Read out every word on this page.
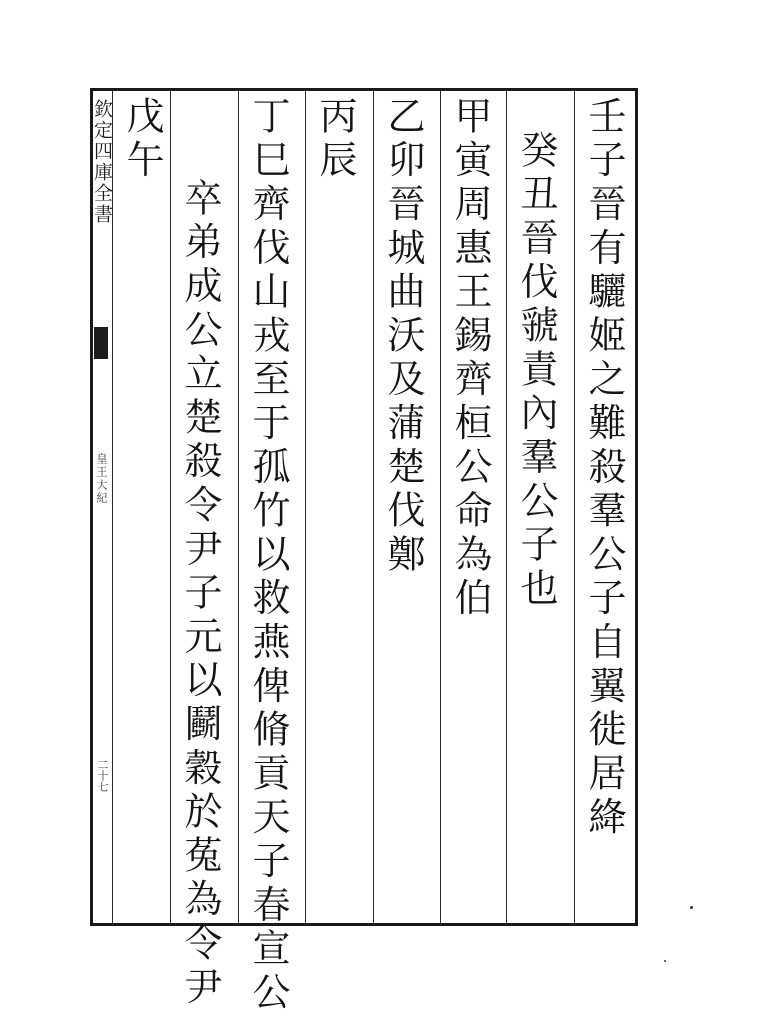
欽定四庫全書
皇王大紀
二十七	壬子晉有驪姬之難殺羣公子自翼徙居絳
癸丑晉伐虢責內羣公子也
甲寅周惠王錫齊桓公命為伯
乙卯晉城曲沃及蒲楚伐鄭
丙辰
丁巳齊伐山戎至于孤竹以救燕俾脩貢天子春宣公
卒弟成公立楚殺令尹子元以鬬穀於菟為令尹
戊午
